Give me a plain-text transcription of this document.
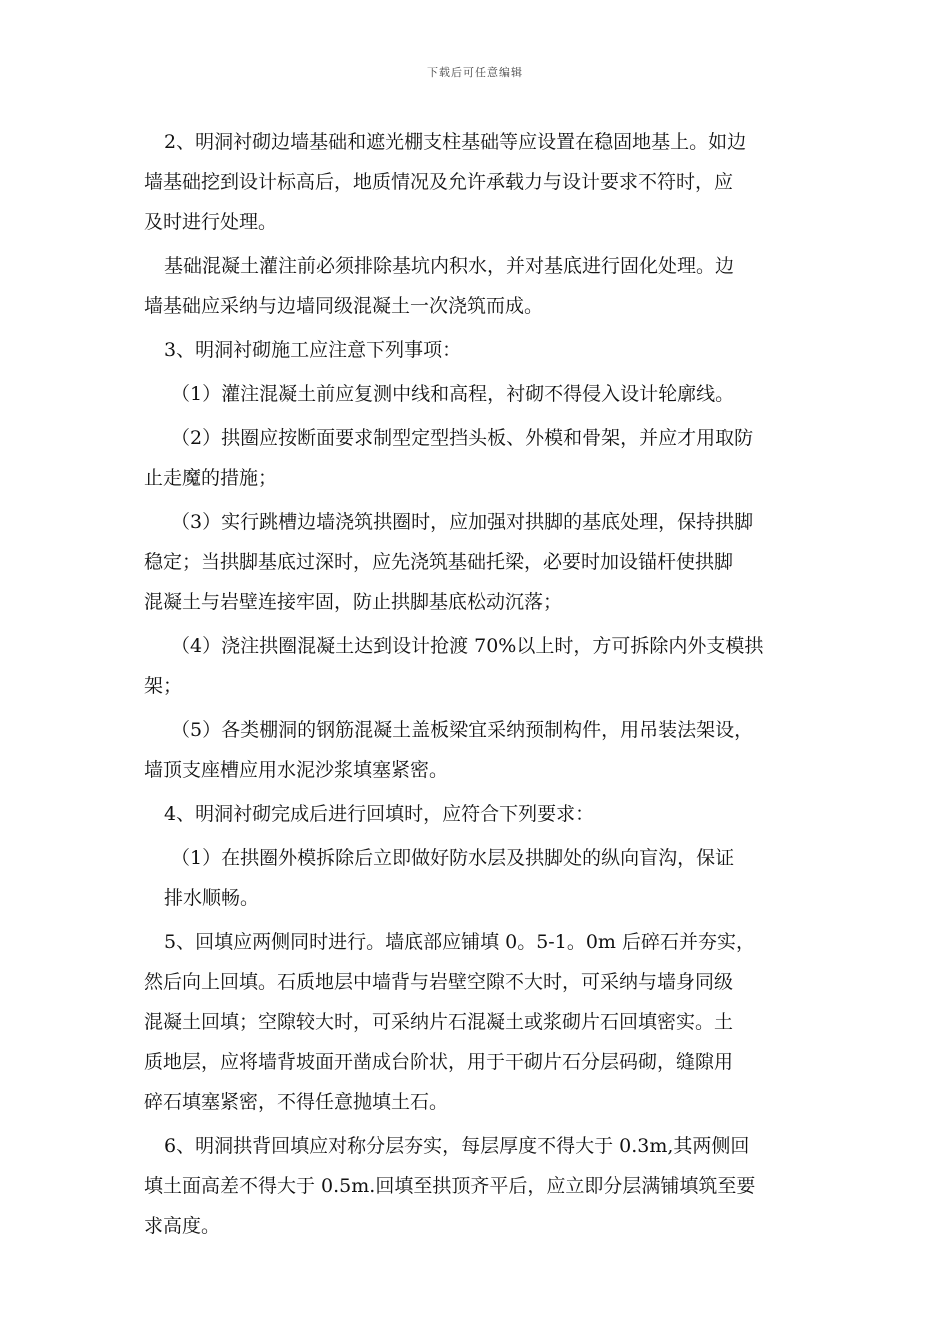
下载后可任意编辑
2、明洞衬砌边墙基础和遮光棚支柱基础等应设置在稳固地基上。如边
墙基础挖到设计标高后，地质情况及允许承载力与设计要求不符时，应
及时进行处理。
基础混凝土灌注前必须排除基坑内积水，并对基底进行固化处理。边
墙基础应采纳与边墙同级混凝土一次浇筑而成。
3、明洞衬砌施工应注意下列事项：
（1）灌注混凝土前应复测中线和高程，衬砌不得侵入设计轮廓线。
（2）拱圈应按断面要求制型定型挡头板、外模和骨架，并应才用取防
止走魔的措施；
（3）实行跳槽边墙浇筑拱圈时，应加强对拱脚的基底处理，保持拱脚
稳定；当拱脚基底过深时，应先浇筑基础托梁，必要时加设锚杆使拱脚
混凝土与岩壁连接牢固，防止拱脚基底松动沉落；
（4）浇注拱圈混凝土达到设计抢渡 70%以上时，方可拆除内外支模拱
架；
（5）各类棚洞的钢筋混凝土盖板梁宜采纳预制构件，用吊装法架设，
墙顶支座槽应用水泥沙浆填塞紧密。
4、明洞衬砌完成后进行回填时，应符合下列要求：
（1）在拱圈外模拆除后立即做好防水层及拱脚处的纵向盲沟，保证
排水顺畅。
5、回填应两侧同时进行。墙底部应铺填 0。5-1。0m 后碎石并夯实，
然后向上回填。石质地层中墙背与岩壁空隙不大时，可采纳与墙身同级
混凝土回填；空隙较大时，可采纳片石混凝土或浆砌片石回填密实。土
质地层，应将墙背坡面开凿成台阶状，用于干砌片石分层码砌，缝隙用
碎石填塞紧密，不得任意抛填土石。
6、明洞拱背回填应对称分层夯实，每层厚度不得大于 0.3m,其两侧回
填土面高差不得大于 0.5m.回填至拱顶齐平后，应立即分层满铺填筑至要
求高度。
